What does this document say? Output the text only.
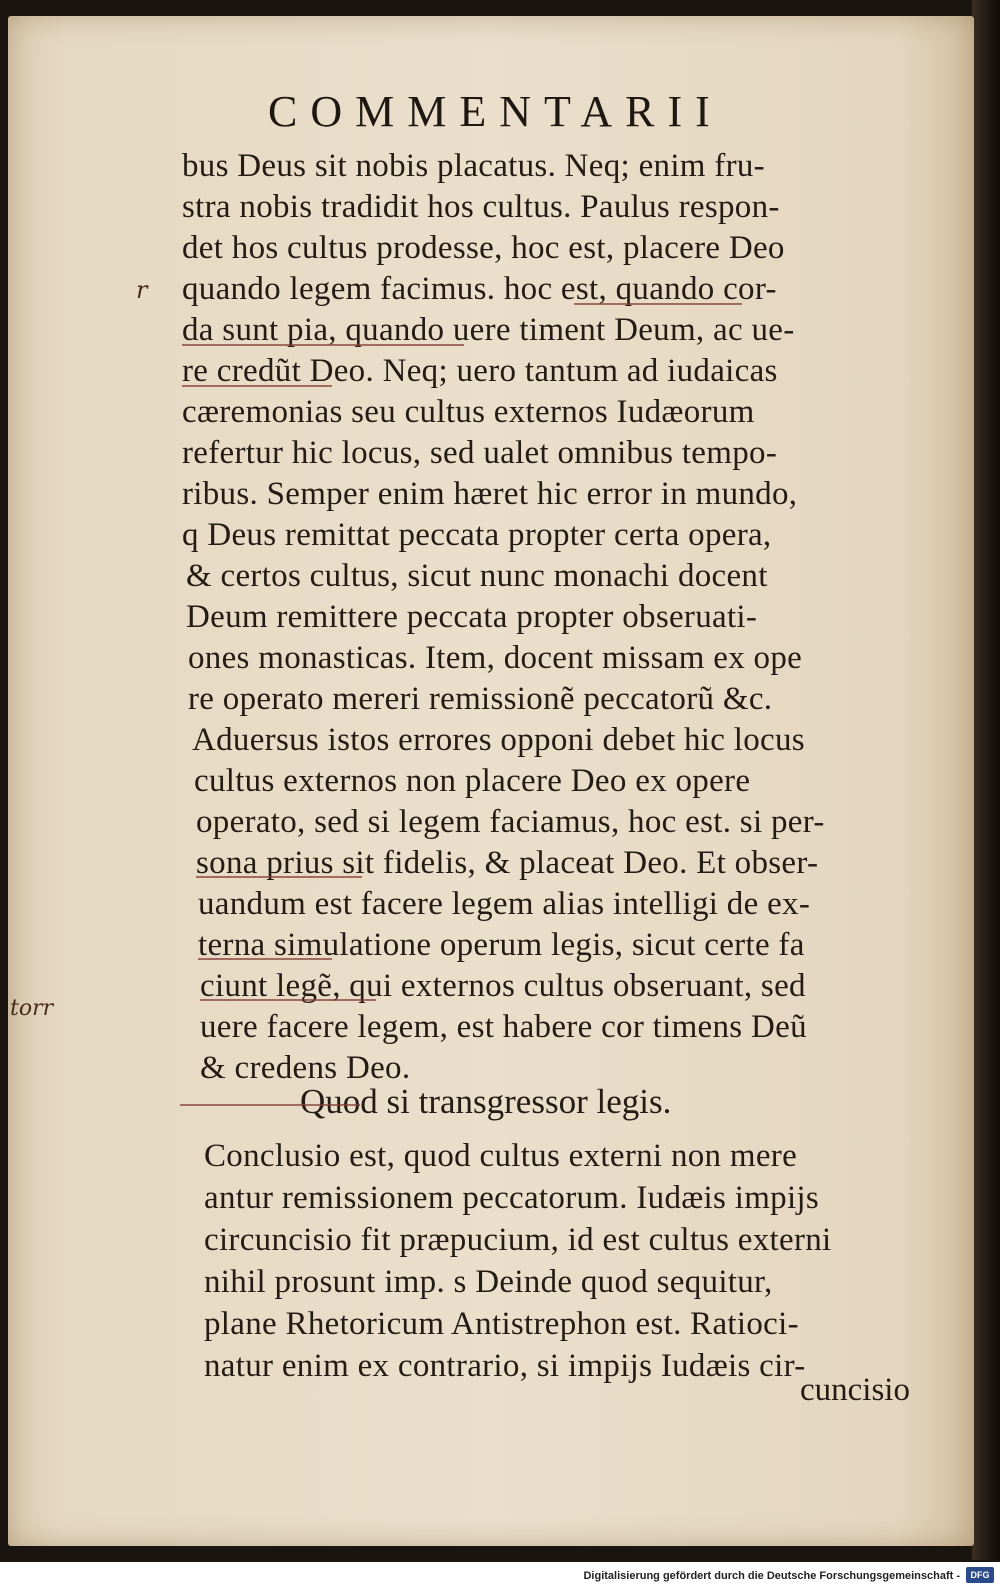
COMMENTARII
bus Deus sit nobis placatus. Neq; enim fru-
stra nobis tradidit hos cultus. Paulus respon-
det hos cultus prodesse, hoc est, placere Deo
quando legem facimus. hoc est, quando cor-
da sunt pia, quando uere timent Deum, ac ue-
re credũt Deo. Neq; uero tantum ad iudaicas
cæremonias seu cultus externos Iudæorum
refertur hic locus, sed ualet omnibus tempo-
ribus. Semper enim hæret hic error in mundo,
q Deus remittat peccata propter certa opera,
& certos cultus, sicut nunc monachi docent
Deum remittere peccata propter obseruati-
ones monasticas. Item, docent missam ex ope
re operato mereri remissionẽ peccatorũ &c.
Aduersus istos errores opponi debet hic locus
cultus externos non placere Deo ex opere
operato, sed si legem faciamus, hoc est. si per-
sona prius sit fidelis, & placeat Deo. Et obser-
uandum est facere legem alias intelligi de ex-
terna simulatione operum legis, sicut certe fa
ciunt legẽ, qui externos cultus obseruant, sed
uere facere legem, est habere cor timens Deũ
& credens Deo.
Quod si transgressor legis.
Conclusio est, quod cultus externi non mere
antur remissionem peccatorum. Iudæis impijs
circuncisio fit præpucium, id est cultus externi
nihil prosunt imp. s Deinde quod sequitur,
plane Rhetoricum Antistrephon est. Ratioci-
natur enim ex contrario, si impijs Iudæis cir-
cuncisio
r
torr
Digitalisierung gefördert durch die Deutsche Forschungsgemeinschaft -	DFG
